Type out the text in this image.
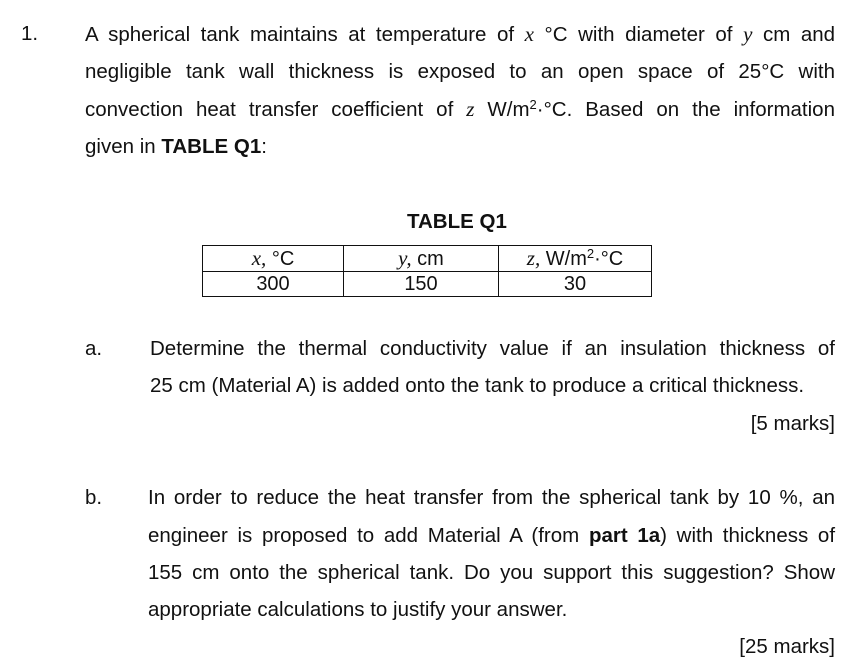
1. A spherical tank maintains at temperature of x °C with diameter of y cm and
negligible tank wall thickness is exposed to an open space of 25°C with
convection heat transfer coefficient of z $W/m^2\cdot^\circ C$. Based on the information
given in TABLE Q1:
TABLE Q1
x, °C	y, cm	z, $W/m^2\cdot^\circ C$
300	150	30
a. Determine the thermal conductivity value if an insulation thickness of
25 cm (Material A) is added onto the tank to produce a critical thickness.
[5 marks]
b. In order to reduce the heat transfer from the spherical tank by 10 %, an
engineer is proposed to add Material A (from part 1a) with thickness of
155 cm onto the spherical tank. Do you support this suggestion? Show
appropriate calculations to justify your answer.
[25 marks]
